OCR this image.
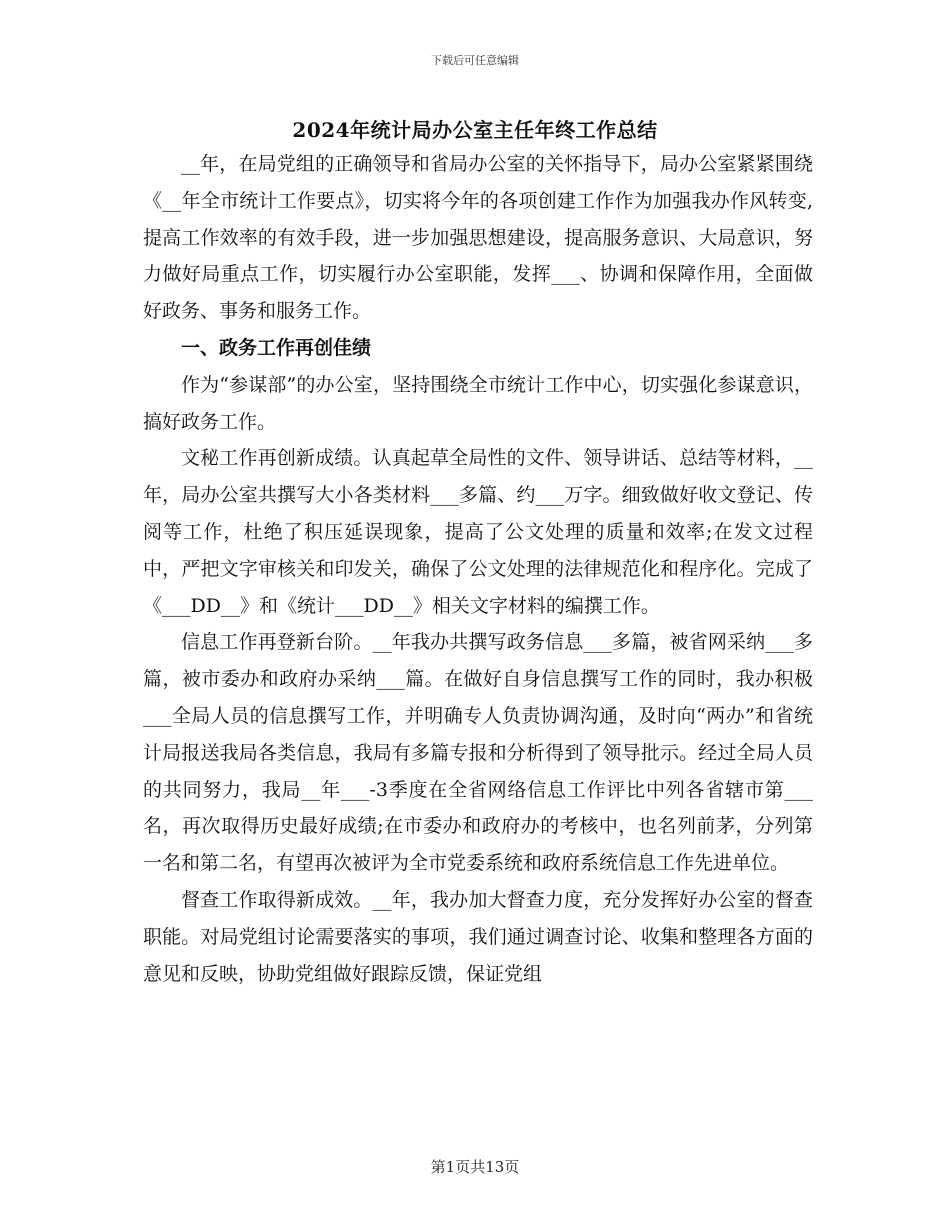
下载后可任意编辑
2024年统计局办公室主任年终工作总结

__年，在局党组的正确领导和省局办公室的关怀指导下，局办公室紧紧围绕《__年全市统计工作要点》，切实将今年的各项创建工作作为加强我办作风转变,提高工作效率的有效手段，进一步加强思想建设，提高服务意识、大局意识，努力做好局重点工作，切实履行办公室职能，发挥___、协调和保障作用，全面做好政务、事务和服务工作。

一、政务工作再创佳绩

作为“参谋部”的办公室，坚持围绕全市统计工作中心，切实强化参谋意识，搞好政务工作。

文秘工作再创新成绩。认真起草全局性的文件、领导讲话、总结等材料，__年，局办公室共撰写大小各类材料___多篇、约___万字。细致做好收文登记、传阅等工作，杜绝了积压延误现象，提高了公文处理的质量和效率;在发文过程中，严把文字审核关和印发关，确保了公文处理的法律规范化和程序化。完成了《___DD__》和《统计___DD__》相关文字材料的编撰工作。

信息工作再登新台阶。__年我办共撰写政务信息___多篇，被省网采纳___多篇，被市委办和政府办采纳___篇。在做好自身信息撰写工作的同时，我办积极___全局人员的信息撰写工作，并明确专人负责协调沟通，及时向“两办”和省统计局报送我局各类信息，我局有多篇专报和分析得到了领导批示。经过全局人员的共同努力，我局__年___-3季度在全省网络信息工作评比中列各省辖市第___名，再次取得历史最好成绩;在市委办和政府办的考核中，也名列前茅，分列第一名和第二名，有望再次被评为全市党委系统和政府系统信息工作先进单位。

督查工作取得新成效。__年，我办加大督查力度，充分发挥好办公室的督查职能。对局党组讨论需要落实的事项，我们通过调查讨论、收集和整理各方面的意见和反映，协助党组做好跟踪反馈，保证党组

第1页共13页
